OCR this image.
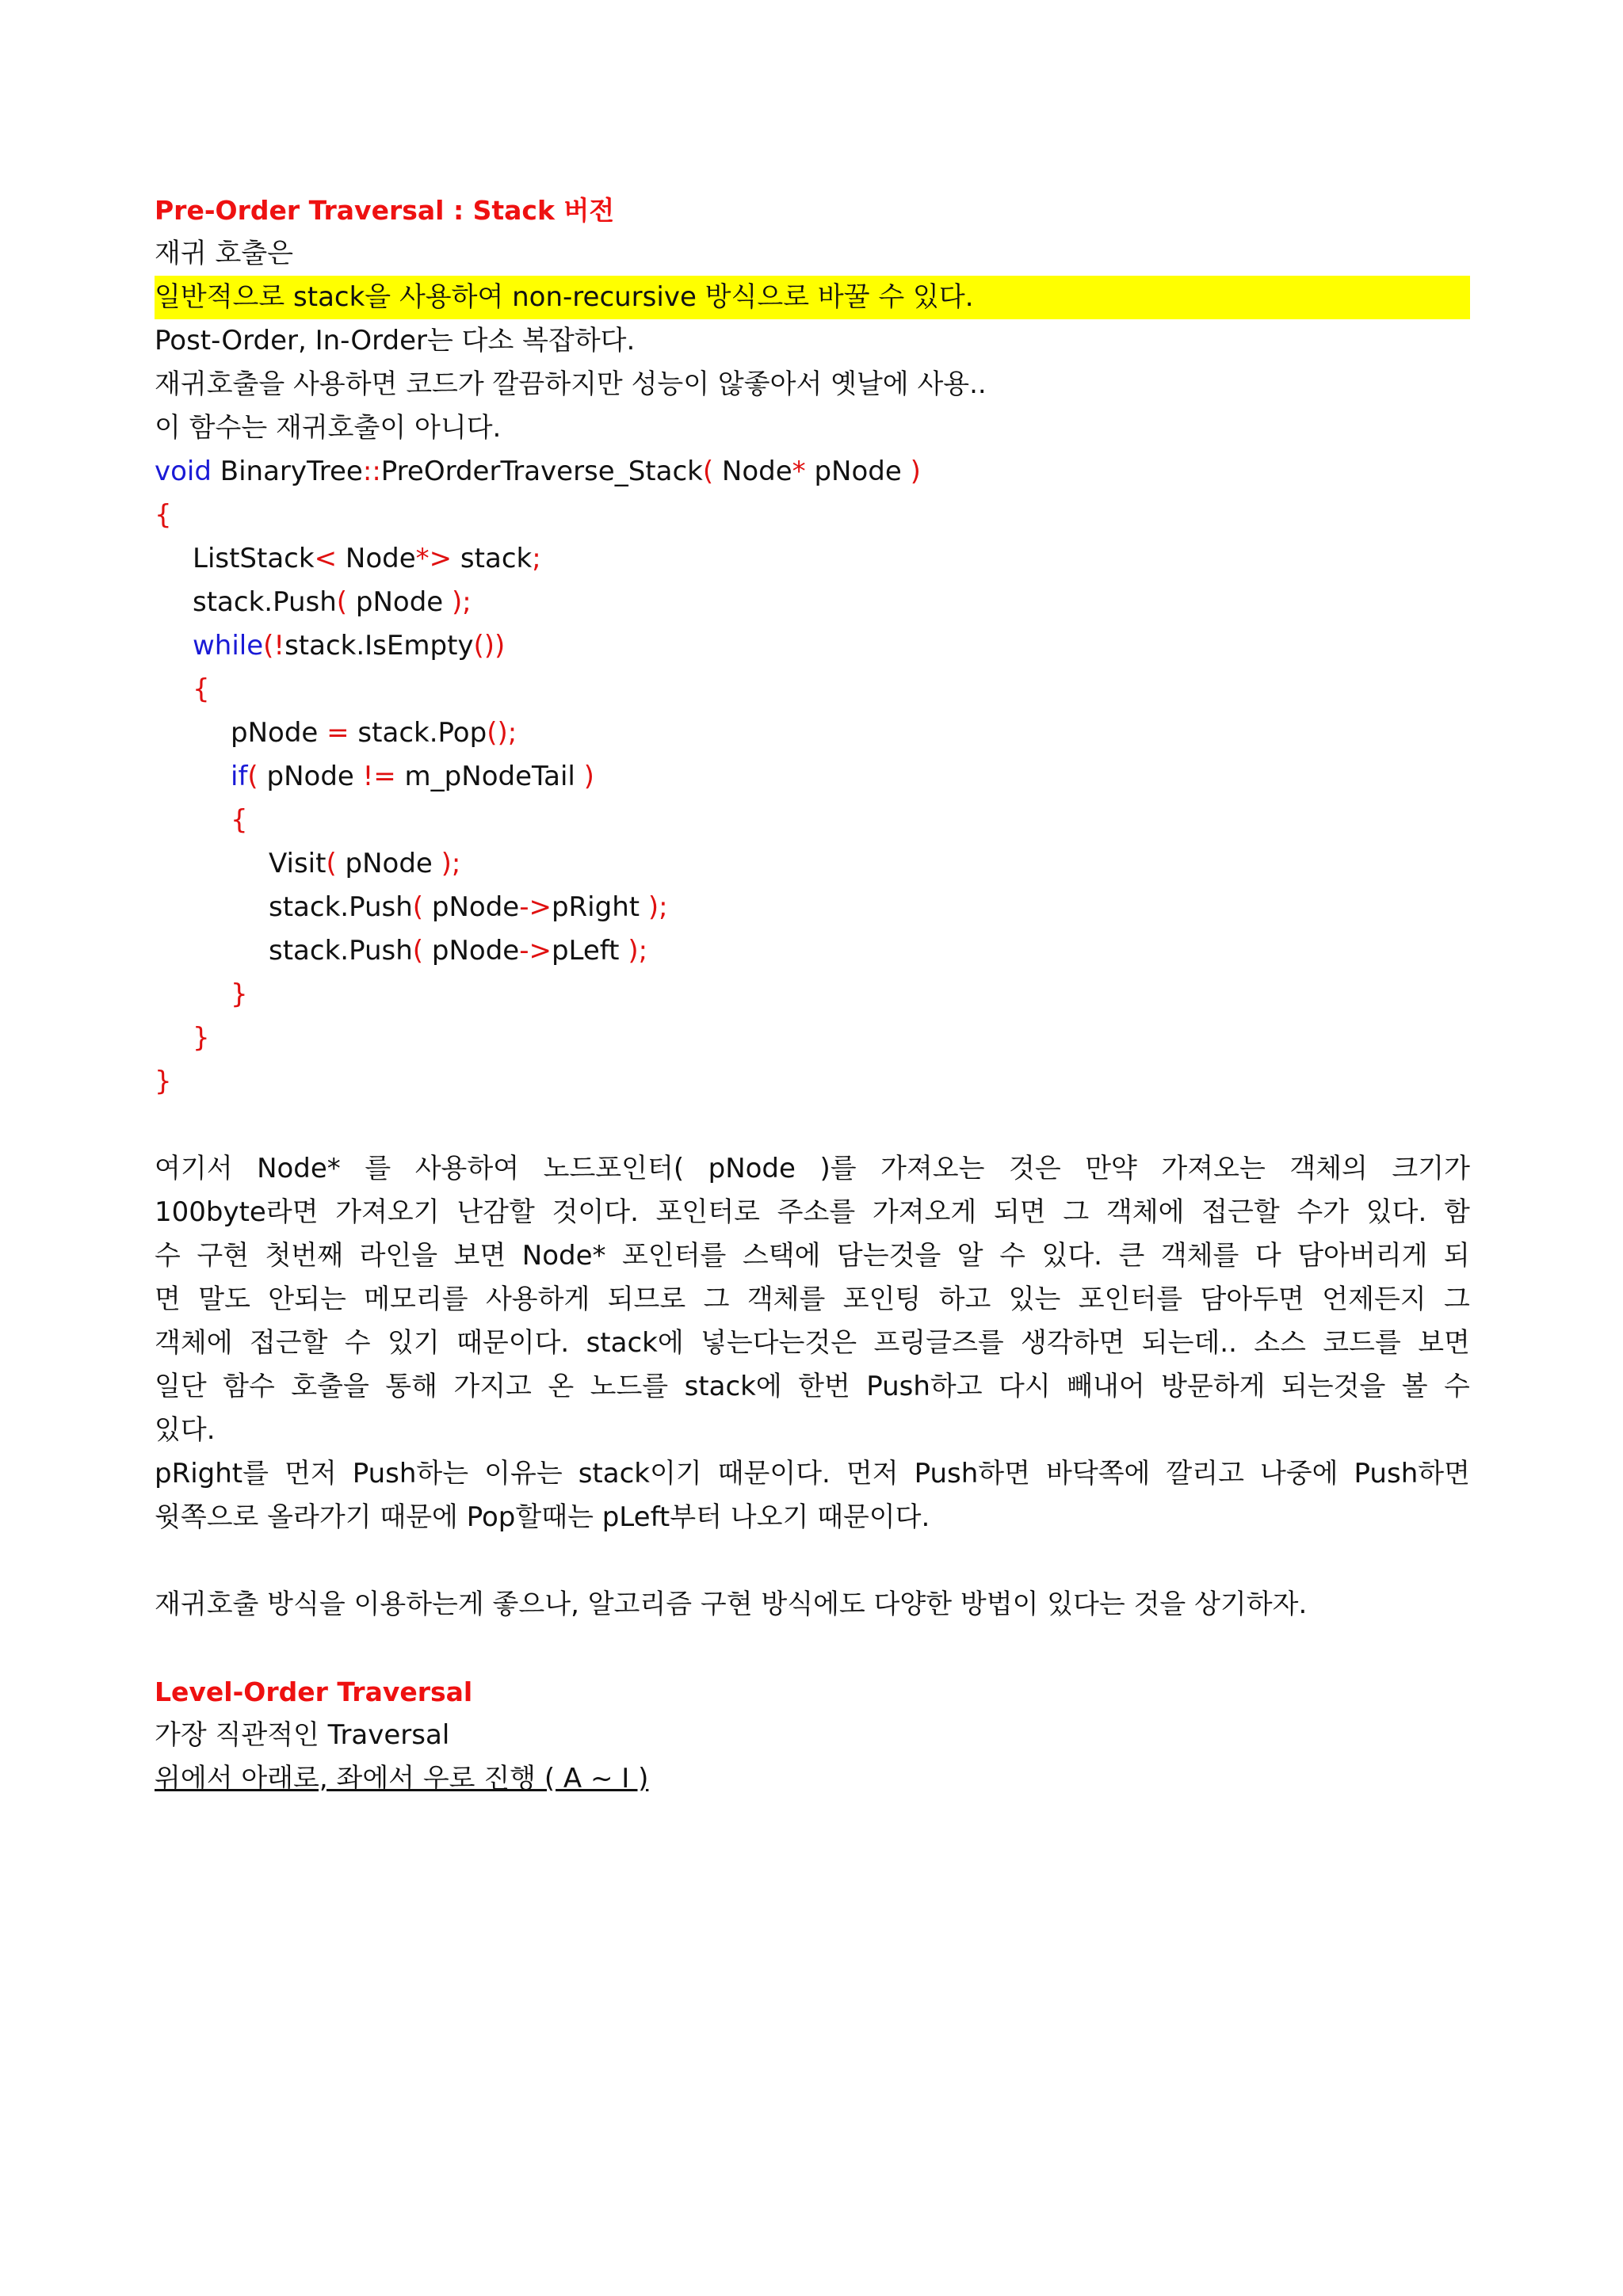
Pre-Order Traversal : Stack 버전
재귀 호출은
일반적으로 stack을 사용하여 non-recursive 방식으로 바꿀 수 있다.
Post-Order, In-Order는 다소 복잡하다.
재귀호출을 사용하면 코드가 깔끔하지만 성능이 않좋아서 옛날에 사용..
이 함수는 재귀호출이 아니다.
void BinaryTree::PreOrderTraverse_Stack( Node* pNode )
{
ListStack< Node*> stack;
stack.Push( pNode );
while(!stack.IsEmpty())
{
pNode = stack.Pop();
if( pNode != m_pNodeTail )
{
Visit( pNode );
stack.Push( pNode->pRight );
stack.Push( pNode->pLeft );
}
}
}
여기서 Node* 를 사용하여 노드포인터( pNode )를 가져오는 것은 만약 가져오는 객체의 크기가
100byte라면 가져오기 난감할 것이다. 포인터로 주소를 가져오게 되면 그 객체에 접근할 수가 있다. 함
수 구현 첫번째 라인을 보면 Node* 포인터를 스택에 담는것을 알 수 있다. 큰 객체를 다 담아버리게 되
면 말도 안되는 메모리를 사용하게 되므로 그 객체를 포인팅 하고 있는 포인터를 담아두면 언제든지 그
객체에 접근할 수 있기 때문이다. stack에 넣는다는것은 프링글즈를 생각하면 되는데.. 소스 코드를 보면
일단 함수 호출을 통해 가지고 온 노드를 stack에 한번 Push하고 다시 빼내어 방문하게 되는것을 볼 수
있다.
pRight를 먼저 Push하는 이유는 stack이기 때문이다. 먼저 Push하면 바닥쪽에 깔리고 나중에 Push하면
윗쪽으로 올라가기 때문에 Pop할때는 pLeft부터 나오기 때문이다.
재귀호출 방식을 이용하는게 좋으나, 알고리즘 구현 방식에도 다양한 방법이 있다는 것을 상기하자.
Level-Order Traversal
가장 직관적인 Traversal
위에서 아래로, 좌에서 우로 진행 ( A ~ I )
